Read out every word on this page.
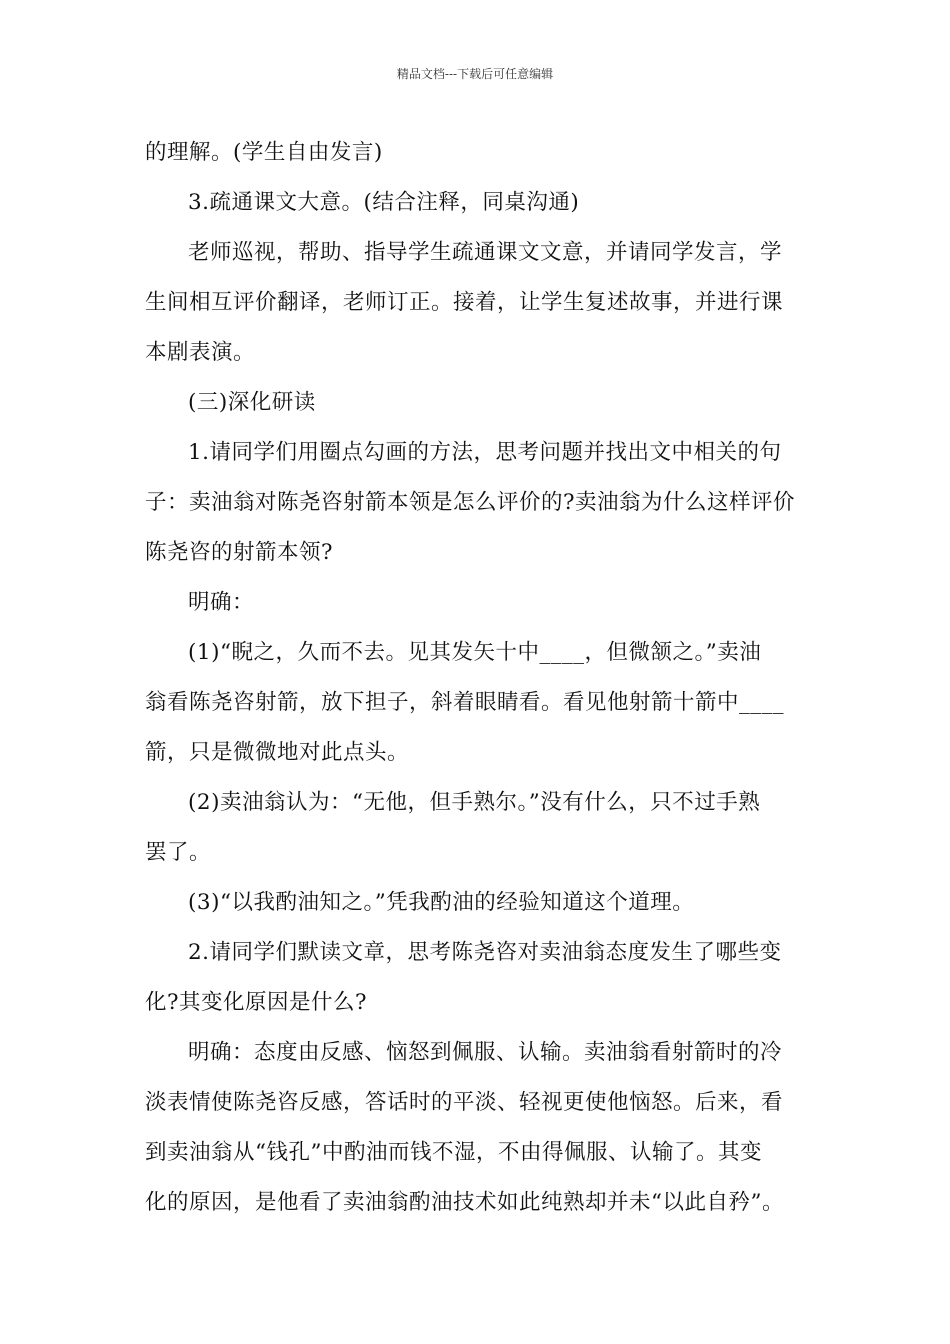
精品文档---下载后可任意编辑
的理解。(学生自由发言)
3.疏通课文大意。(结合注释，同桌沟通)
老师巡视，帮助、指导学生疏通课文文意，并请同学发言，学
生间相互评价翻译，老师订正。接着，让学生复述故事，并进行课
本剧表演。
(三)深化研读
1.请同学们用圈点勾画的方法，思考问题并找出文中相关的句
子：卖油翁对陈尧咨射箭本领是怎么评价的?卖油翁为什么这样评价
陈尧咨的射箭本领?
明确：
(1)“睨之，久而不去。见其发矢十中____，但微颔之。”卖油
翁看陈尧咨射箭，放下担子，斜着眼睛看。看见他射箭十箭中____
箭，只是微微地对此点头。
(2)卖油翁认为：“无他，但手熟尔。”没有什么，只不过手熟
罢了。
(3)“以我酌油知之。”凭我酌油的经验知道这个道理。
2.请同学们默读文章，思考陈尧咨对卖油翁态度发生了哪些变
化?其变化原因是什么?
明确：态度由反感、恼怒到佩服、认输。卖油翁看射箭时的冷
淡表情使陈尧咨反感，答话时的平淡、轻视更使他恼怒。后来，看
到卖油翁从“钱孔”中酌油而钱不湿，不由得佩服、认输了。其变
化的原因，是他看了卖油翁酌油技术如此纯熟却并未“以此自矜”。
